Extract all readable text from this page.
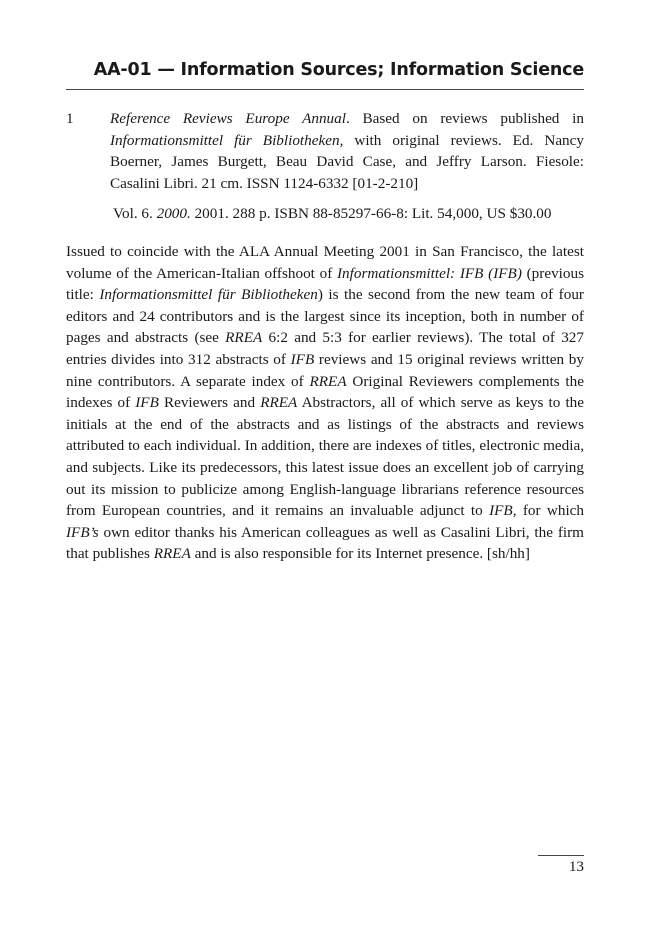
AA-01 — Information Sources; Information Science
1 Reference Reviews Europe Annual. Based on reviews published in Informationsmittel für Bibliotheken, with original reviews. Ed. Nancy Boerner, James Burgett, Beau David Case, and Jeffry Larson. Fiesole: Casalini Libri. 21 cm. ISSN 1124-6332 [01-2-210]
Vol. 6. 2000. 2001. 288 p. ISBN 88-85297-66-8: Lit. 54,000, US $30.00
Issued to coincide with the ALA Annual Meeting 2001 in San Francisco, the latest volume of the American-Italian offshoot of Informationsmittel: IFB (IFB) (previous title: Informationsmittel für Bibliotheken) is the second from the new team of four editors and 24 contributors and is the largest since its inception, both in number of pages and abstracts (see RREA 6:2 and 5:3 for earlier reviews). The total of 327 entries divides into 312 abstracts of IFB reviews and 15 original reviews written by nine contributors. A separate index of RREA Original Reviewers complements the indexes of IFB Reviewers and RREA Abstractors, all of which serve as keys to the initials at the end of the abstracts and as listings of the abstracts and reviews attributed to each individual. In addition, there are indexes of titles, electronic media, and subjects. Like its predecessors, this latest issue does an excellent job of carrying out its mission to publicize among English-language librarians reference resources from European countries, and it remains an invaluable adjunct to IFB, for which IFB’s own editor thanks his American colleagues as well as Casalini Libri, the firm that publishes RREA and is also responsible for its Internet presence. [sh/hh]
13
